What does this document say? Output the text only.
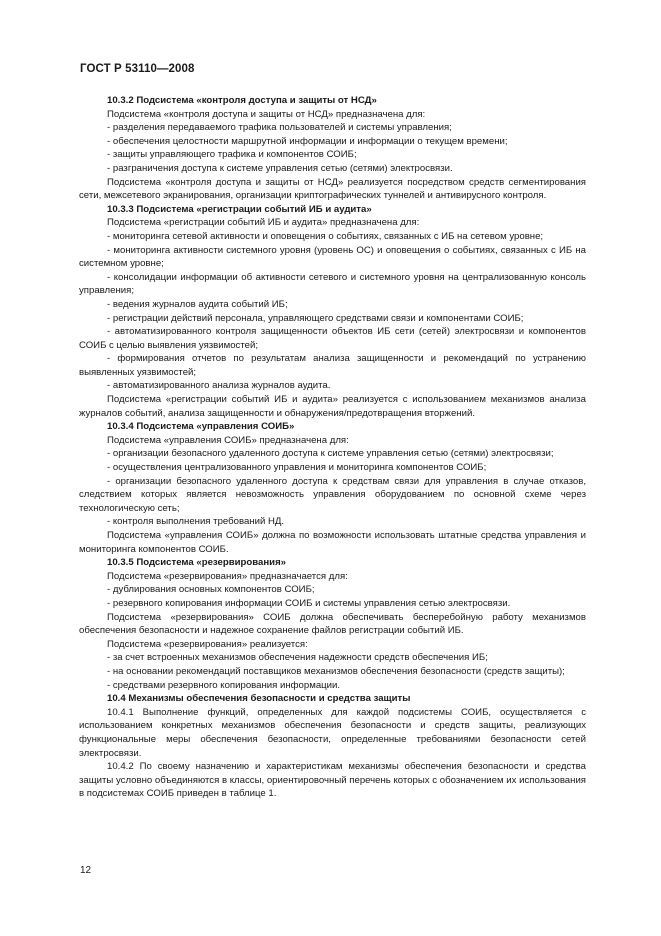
ГОСТ Р 53110—2008

10.3.2 Подсистема «контроля доступа и защиты от НСД»

Подсистема «контроля доступа и защиты от НСД» предназначена для:

- разделения передаваемого трафика пользователей и системы управления;

- обеспечения целостности маршрутной информации и информации о текущем времени;

- защиты управляющего трафика и компонентов СОИБ;

- разграничения доступа к системе управления сетью (сетями) электросвязи.

Подсистема «контроля доступа и защиты от НСД» реализуется посредством средств сегментирования сети, межсетевого экранирования, организации криптографических туннелей и антивирусного контроля.

10.3.3 Подсистема «регистрации событий ИБ и аудита»

Подсистема «регистрации событий ИБ и аудита» предназначена для:

- мониторинга сетевой активности и оповещения о событиях, связанных с ИБ на сетевом уровне;

- мониторинга активности системного уровня (уровень ОС) и оповещения о событиях, связанных с ИБ на системном уровне;

- консолидации информации об активности сетевого и системного уровня на централизованную консоль управления;

- ведения журналов аудита событий ИБ;

- регистрации действий персонала, управляющего средствами связи и компонентами СОИБ;

- автоматизированного контроля защищенности объектов ИБ сети (сетей) электросвязи и компонентов СОИБ с целью выявления уязвимостей;

- формирования отчетов по результатам анализа защищенности и рекомендаций по устранению выявленных уязвимостей;

- автоматизированного анализа журналов аудита.

Подсистема «регистрации событий ИБ и аудита» реализуется с использованием механизмов анализа журналов событий, анализа защищенности и обнаружения/предотвращения вторжений.

10.3.4 Подсистема «управления СОИБ»

Подсистема «управления СОИБ» предназначена для:

- организации безопасного удаленного доступа к системе управления сетью (сетями) электросвязи;

- осуществления централизованного управления и мониторинга компонентов СОИБ;

- организации безопасного удаленного доступа к средствам связи для управления в случае отказов, следствием которых является невозможность управления оборудованием по основной схеме через технологическую сеть;

- контроля выполнения требований НД.

Подсистема «управления СОИБ» должна по возможности использовать штатные средства управления и мониторинга компонентов СОИБ.

10.3.5 Подсистема «резервирования»

Подсистема «резервирования» предназначается для:

- дублирования основных компонентов СОИБ;

- резервного копирования информации СОИБ и системы управления сетью электросвязи.

Подсистема «резервирования» СОИБ должна обеспечивать бесперебойную работу механизмов обеспечения безопасности и надежное сохранение файлов регистрации событий ИБ.

Подсистема «резервирования» реализуется:

- за счет встроенных механизмов обеспечения надежности средств обеспечения ИБ;

- на основании рекомендаций поставщиков механизмов обеспечения безопасности (средств защиты);

- средствами резервного копирования информации.

10.4 Механизмы обеспечения безопасности и средства защиты

10.4.1 Выполнение функций, определенных для каждой подсистемы СОИБ, осуществляется с использованием конкретных механизмов обеспечения безопасности и средств защиты, реализующих функциональные меры обеспечения безопасности, определенные требованиями безопасности сетей электросвязи.

10.4.2 По своему назначению и характеристикам механизмы обеспечения безопасности и средства защиты условно объединяются в классы, ориентировочный перечень которых с обозначением их использования в подсистемах СОИБ приведен в таблице 1.

12
